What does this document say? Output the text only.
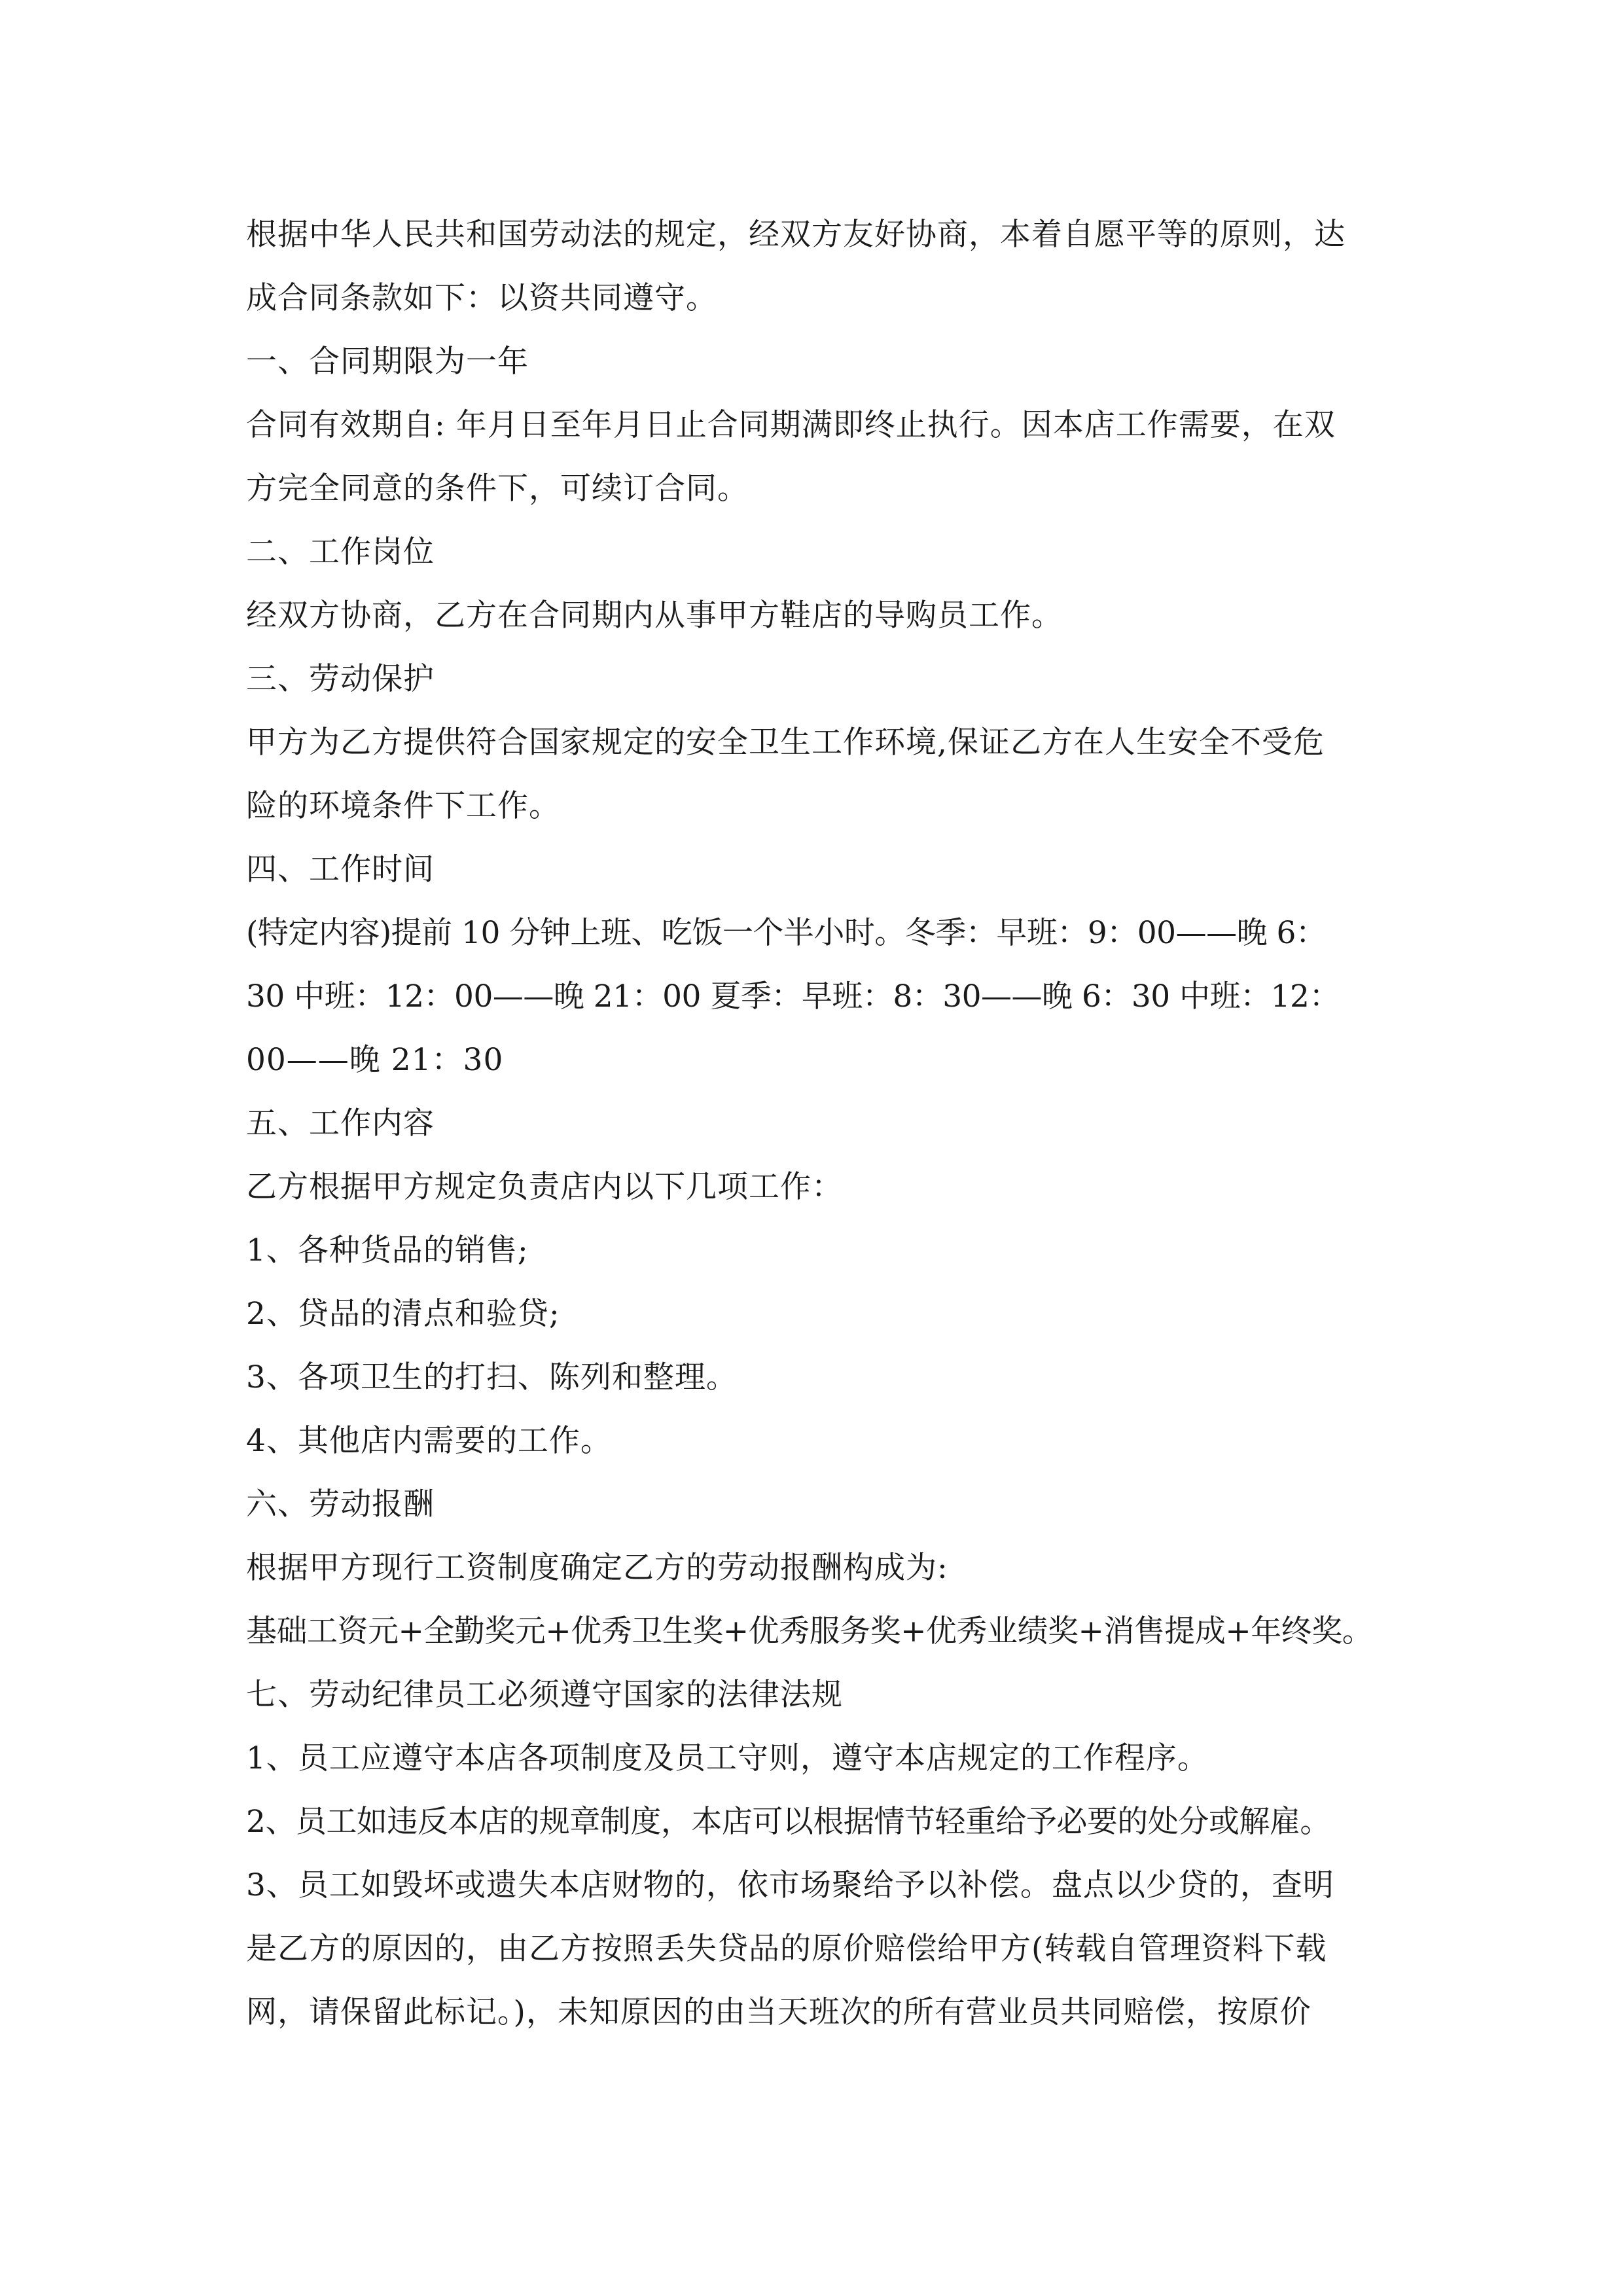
根据中华人民共和国劳动法的规定，经双方友好协商，本着自愿平等的原则，达

成合同条款如下：以资共同遵守。

一、合同期限为一年

合同有效期自: 年月日至年月日止合同期满即终止执行。因本店工作需要，在双

方完全同意的条件下，可续订合同。

二、工作岗位

经双方协商，乙方在合同期内从事甲方鞋店的导购员工作。

三、劳动保护

甲方为乙方提供符合国家规定的安全卫生工作环境,保证乙方在人生安全不受危

险的环境条件下工作。

四、工作时间

(特定内容)提前 10 分钟上班、吃饭一个半小时。冬季：早班：9：00——晚 6：

30 中班：12：00——晚 21：00 夏季：早班：8：30——晚 6：30 中班：12：

00——晚 21：30

五、工作内容

乙方根据甲方规定负责店内以下几项工作：

1、各种货品的销售;

2、贷品的清点和验贷;

3、各项卫生的打扫、陈列和整理。

4、其他店内需要的工作。

六、劳动报酬

根据甲方现行工资制度确定乙方的劳动报酬构成为:

基础工资元+全勤奖元+优秀卫生奖+优秀服务奖+优秀业绩奖+消售提成+年终奖。

七、劳动纪律员工必须遵守国家的法律法规

1、员工应遵守本店各项制度及员工守则，遵守本店规定的工作程序。

2、员工如违反本店的规章制度，本店可以根据情节轻重给予必要的处分或解雇。

3、员工如毁坏或遗失本店财物的，依市场聚给予以补偿。盘点以少贷的，查明

是乙方的原因的，由乙方按照丢失贷品的原价赔偿给甲方(转载自管理资料下载

网，请保留此标记。)，未知原因的由当天班次的所有营业员共同赔偿，按原价
